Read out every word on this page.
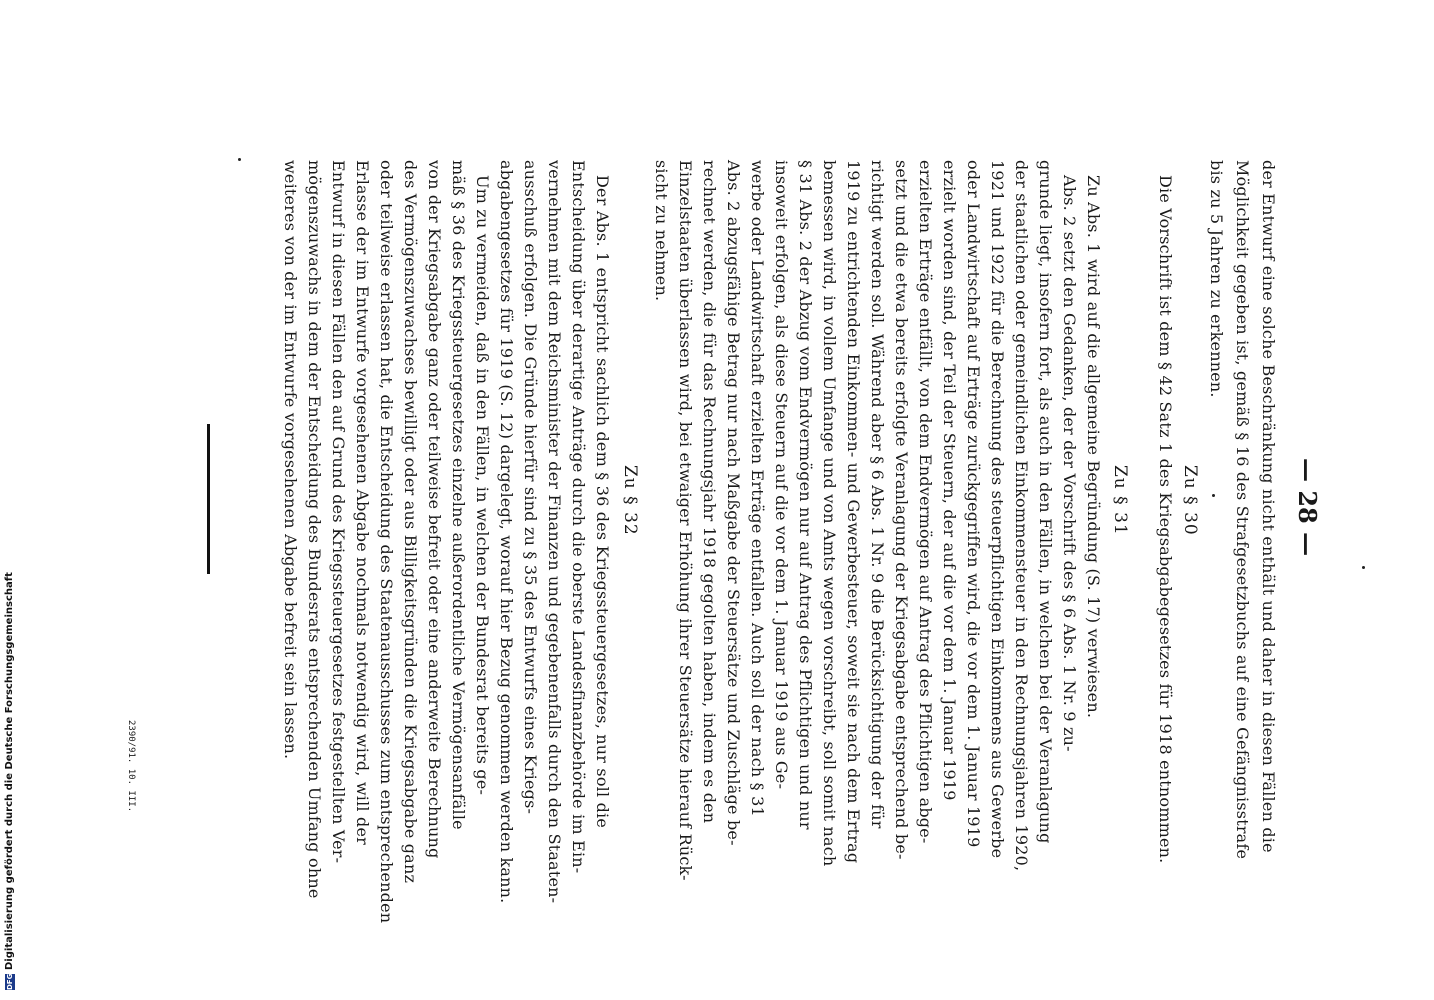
— 28 —
der Entwurf eine solche Beschränkung nicht enthält und daher in diesen Fällen die
Möglichkeit gegeben ist, gemäß § 16 des Strafgesetzbuchs auf eine Gefängnisstrafe
bis zu 5 Jahren zu erkennen.
Zu § 30
Die Vorschrift ist dem § 42 Satz 1 des Kriegsabgabegesetzes für 1918 entnommen.
Zu § 31
Zu Abs. 1 wird auf die allgemeine Begründung (S. 17) verwiesen.
Abs. 2 setzt den Gedanken, der der Vorschrift des § 6 Abs. 1 Nr. 9 zu-
grunde liegt, insofern fort, als auch in den Fällen, in welchen bei der Veranlagung
der staatlichen oder gemeindlichen Einkommensteuer in den Rechnungsjahren 1920,
1921 und 1922 für die Berechnung des steuerpflichtigen Einkommens aus Gewerbe
oder Landwirtschaft auf Erträge zurückgegriffen wird, die vor dem 1. Januar 1919
erzielt worden sind, der Teil der Steuern, der auf die vor dem 1. Januar 1919
erzielten Erträge entfällt, von dem Endvermögen auf Antrag des Pflichtigen abge-
setzt und die etwa bereits erfolgte Veranlagung der Kriegsabgabe entsprechend be-
richtigt werden soll. Während aber § 6 Abs. 1 Nr. 9 die Berücksichtigung der für
1919 zu entrichtenden Einkommen- und Gewerbesteuer, soweit sie nach dem Ertrag
bemessen wird, in vollem Umfange und von Amts wegen vorschreibt, soll somit nach
§ 31 Abs. 2 der Abzug vom Endvermögen nur auf Antrag des Pflichtigen und nur
insoweit erfolgen, als diese Steuern auf die vor dem 1. Januar 1919 aus Ge-
werbe oder Landwirtschaft erzielten Erträge entfallen. Auch soll der nach § 31
Abs. 2 abzugsfähige Betrag nur nach Maßgabe der Steuersätze und Zuschläge be-
rechnet werden, die für das Rechnungsjahr 1918 gegolten haben, indem es den
Einzelstaaten überlassen wird, bei etwaiger Erhöhung ihrer Steuersätze hierauf Rück-
sicht zu nehmen.
Zu § 32
Der Abs. 1 entspricht sachlich dem § 36 des Kriegssteuergesetzes, nur soll die
Entscheidung über derartige Anträge durch die oberste Landesfinanzbehörde im Ein-
vernehmen mit dem Reichsminister der Finanzen und gegebenenfalls durch den Staaten-
ausschuß erfolgen. Die Gründe hierfür sind zu § 35 des Entwurfs eines Kriegs-
abgabengesetzes für 1919 (S. 12) dargelegt, worauf hier Bezug genommen werden kann.
Um zu vermeiden, daß in den Fällen, in welchen der Bundesrat bereits ge-
mäß § 36 des Kriegssteuergesetzes einzelne außerordentliche Vermögensanfälle
von der Kriegsabgabe ganz oder teilweise befreit oder eine anderweite Berechnung
des Vermögenszuwachses bewilligt oder aus Billigkeitsgründen die Kriegsabgabe ganz
oder teilweise erlassen hat, die Entscheidung des Staatenausschusses zum entsprechenden
Erlasse der im Entwurfe vorgesehenen Abgabe nochmals notwendig wird, will der
Entwurf in diesen Fällen den auf Grund des Kriegssteuergesetzes festgestellten Ver-
mögenszuwachs in dem der Entscheidung des Bundesrats entsprechenden Umfang ohne
weiteres von der im Entwurfe vorgesehenen Abgabe befreit sein lassen.
2390/91. 10. III.
DFG
Digitalisierung gefördert durch die Deutsche Forschungsgemeinschaft
